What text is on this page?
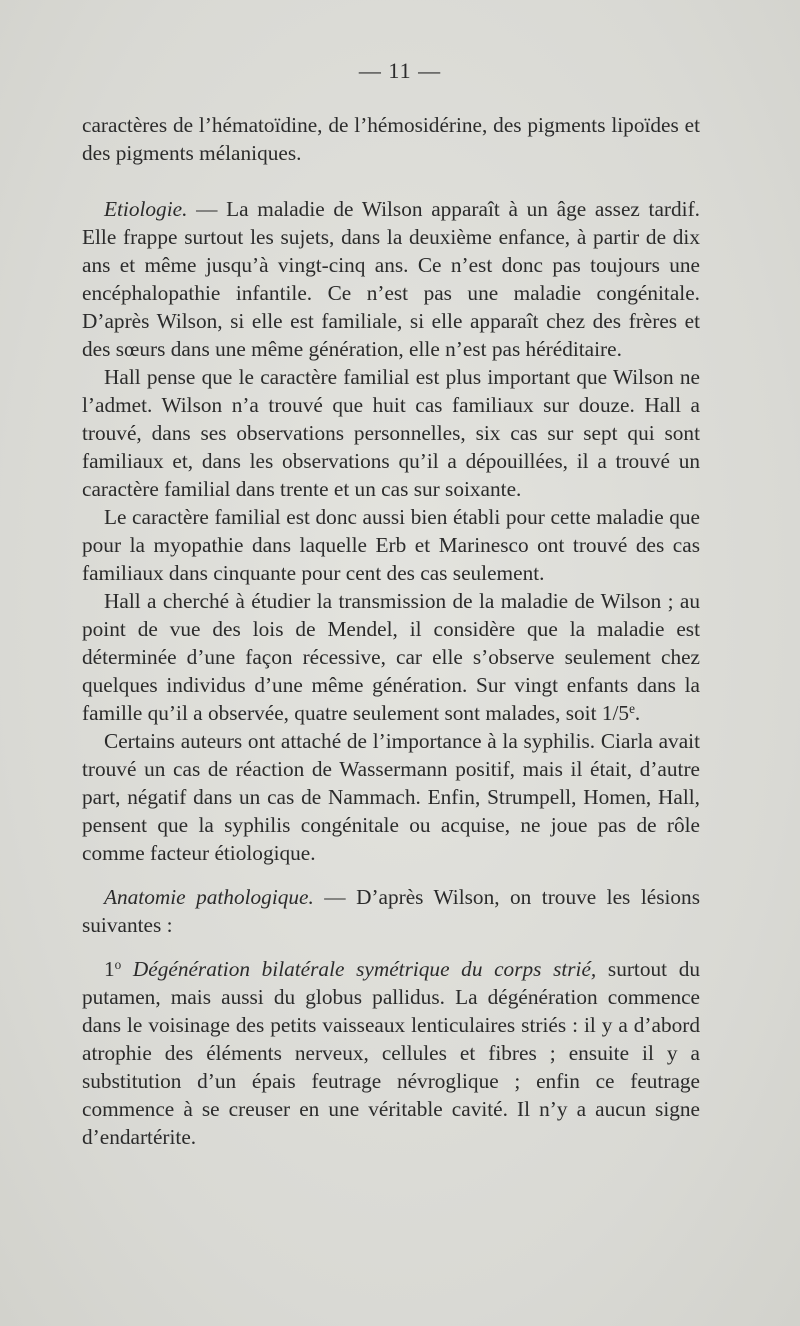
— 11 —

caractères de l’hématoïdine, de l’hémosidérine, des pigments lipoïdes et des pigments mélaniques.

Etiologie. — La maladie de Wilson apparaît à un âge assez tardif. Elle frappe surtout les sujets, dans la deuxième enfance, à partir de dix ans et même jusqu’à vingt-cinq ans. Ce n’est donc pas toujours une encéphalopathie infantile. Ce n’est pas une maladie congénitale. D’après Wilson, si elle est familiale, si elle apparaît chez des frères et des sœurs dans une même génération, elle n’est pas héréditaire.

Hall pense que le caractère familial est plus important que Wilson ne l’admet. Wilson n’a trouvé que huit cas familiaux sur douze. Hall a trouvé, dans ses observations personnelles, six cas sur sept qui sont familiaux et, dans les observations qu’il a dépouillées, il a trouvé un caractère familial dans trente et un cas sur soixante.

Le caractère familial est donc aussi bien établi pour cette maladie que pour la myopathie dans laquelle Erb et Marinesco ont trouvé des cas familiaux dans cinquante pour cent des cas seulement.

Hall a cherché à étudier la transmission de la maladie de Wilson ; au point de vue des lois de Mendel, il considère que la maladie est déterminée d’une façon récessive, car elle s’observe seulement chez quelques individus d’une même génération. Sur vingt enfants dans la famille qu’il a observée, quatre seulement sont malades, soit 1/5e.

Certains auteurs ont attaché de l’importance à la syphilis. Ciarla avait trouvé un cas de réaction de Wassermann positif, mais il était, d’autre part, négatif dans un cas de Nammach. Enfin, Strumpell, Homen, Hall, pensent que la syphilis congénitale ou acquise, ne joue pas de rôle comme facteur étiologique.

Anatomie pathologique. — D’après Wilson, on trouve les lésions suivantes :

1$^o$ Dégénération bilatérale symétrique du corps strié, surtout du putamen, mais aussi du globus pallidus. La dégénération commence dans le voisinage des petits vaisseaux lenticulaires striés : il y a d’abord atrophie des éléments nerveux, cellules et fibres ; ensuite il y a substitution d’un épais feutrage névroglique ; enfin ce feutrage commence à se creuser en une véritable cavité. Il n’y a aucun signe d’endartérite.
